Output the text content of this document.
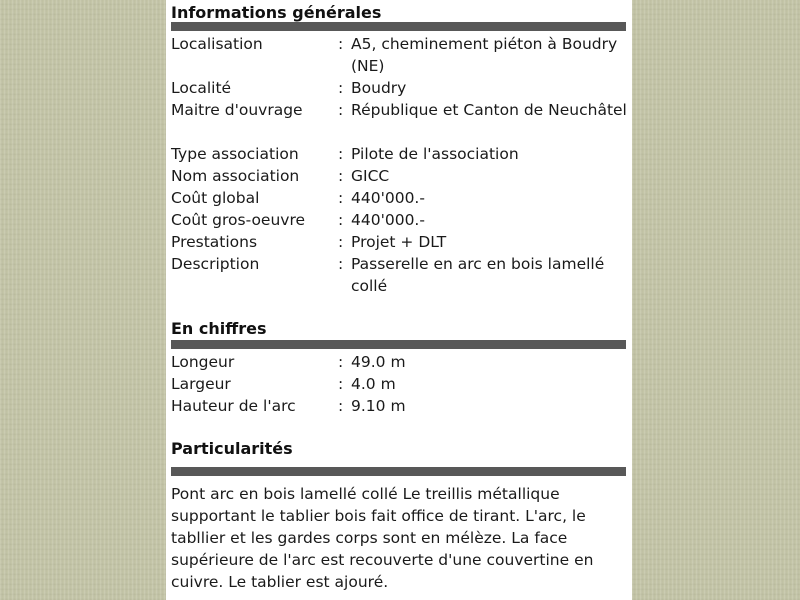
Informations générales
Localisation	: A5, cheminement piéton à Boudry (NE)
Localité	: Boudry
Maitre d'ouvrage : République et Canton de Neuchâtel
Type association	: Pilote de l'association
Nom association : GICC
Coût global	: 440'000.-
Coût gros-oeuvre : 440'000.-
Prestations	: Projet + DLT
Description	: Passerelle en arc en bois lamellé collé
En chiffres
Longeur	: 49.0 m
Largeur	: 4.0 m
Hauteur de l'arc	: 9.10 m
Particularités
Pont arc en bois lamellé collé Le treillis métallique supportant le tablier bois fait office de tirant. L'arc, le tabllier et les gardes corps sont en mélèze. La face supérieure de l'arc est recouverte d'une couvertine en cuivre. Le tablier est ajouré.
